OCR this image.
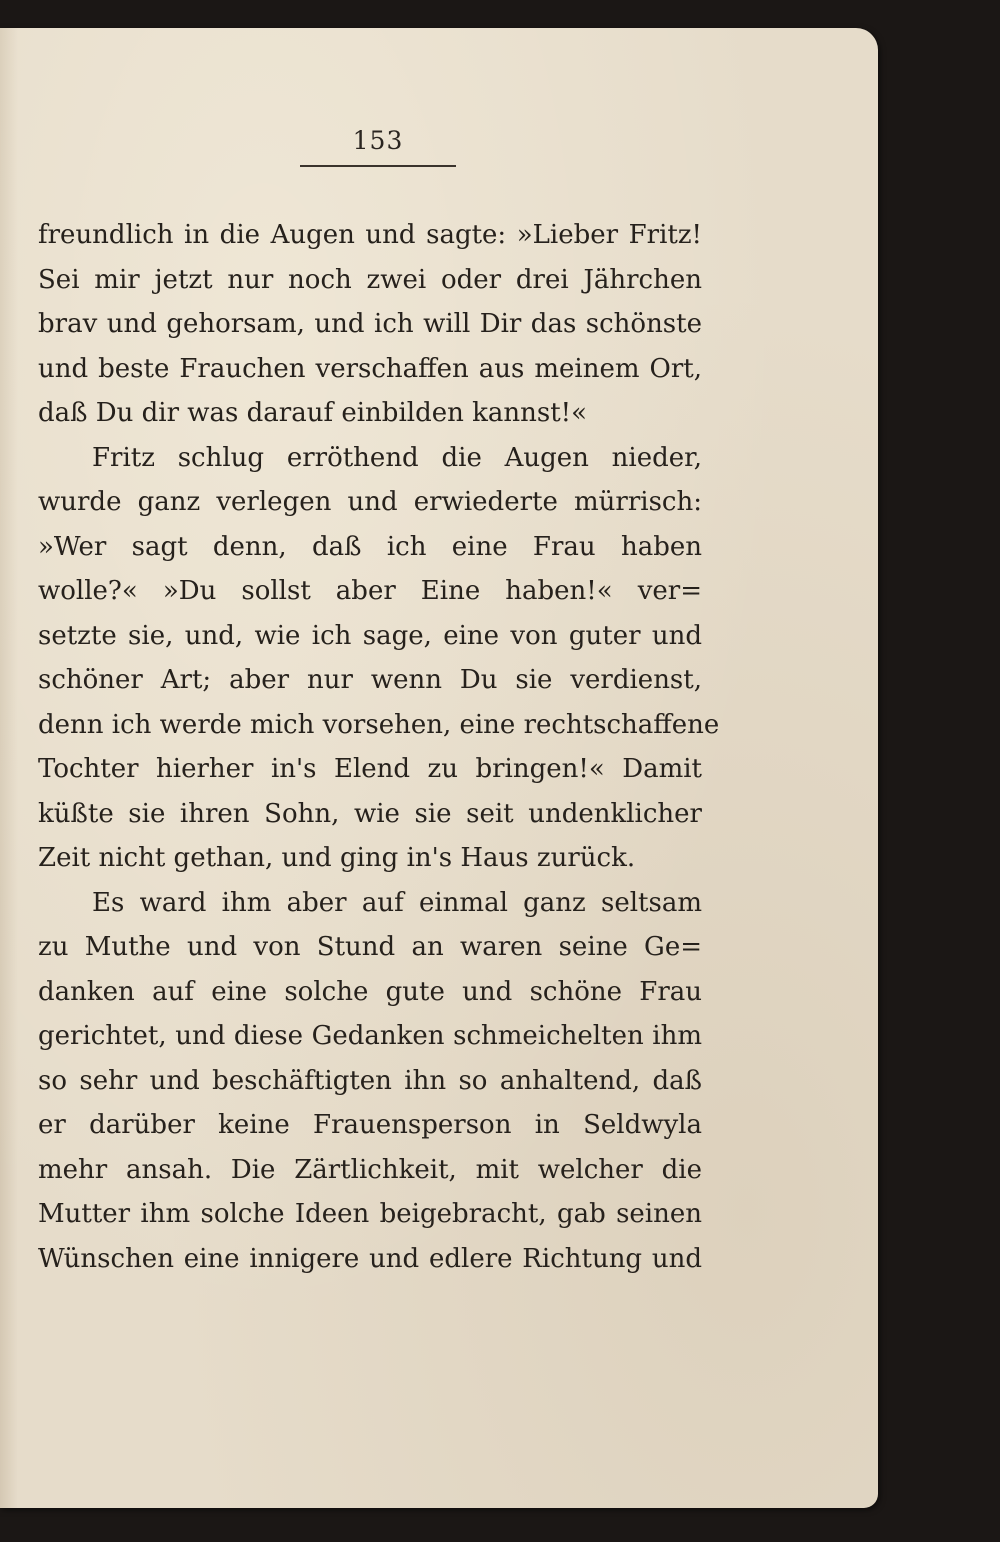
153
freundlich in die Augen und sagte: »Lieber Fritz!
Sei mir jetzt nur noch zwei oder drei Jährchen
brav und gehorsam, und ich will Dir das schönste
und beste Frauchen verschaffen aus meinem Ort,
daß Du dir was darauf einbilden kannst!«
Fritz schlug erröthend die Augen nieder,
wurde ganz verlegen und erwiederte mürrisch:
»Wer sagt denn, daß ich eine Frau haben
wolle?« »Du sollst aber Eine haben!« ver=
setzte sie, und, wie ich sage, eine von guter und
schöner Art; aber nur wenn Du sie verdienst,
denn ich werde mich vorsehen, eine rechtschaffene
Tochter hierher in's Elend zu bringen!« Damit
küßte sie ihren Sohn, wie sie seit undenklicher
Zeit nicht gethan, und ging in's Haus zurück.
Es ward ihm aber auf einmal ganz seltsam
zu Muthe und von Stund an waren seine Ge=
danken auf eine solche gute und schöne Frau
gerichtet, und diese Gedanken schmeichelten ihm
so sehr und beschäftigten ihn so anhaltend, daß
er darüber keine Frauensperson in Seldwyla
mehr ansah. Die Zärtlichkeit, mit welcher die
Mutter ihm solche Ideen beigebracht, gab seinen
Wünschen eine innigere und edlere Richtung und
